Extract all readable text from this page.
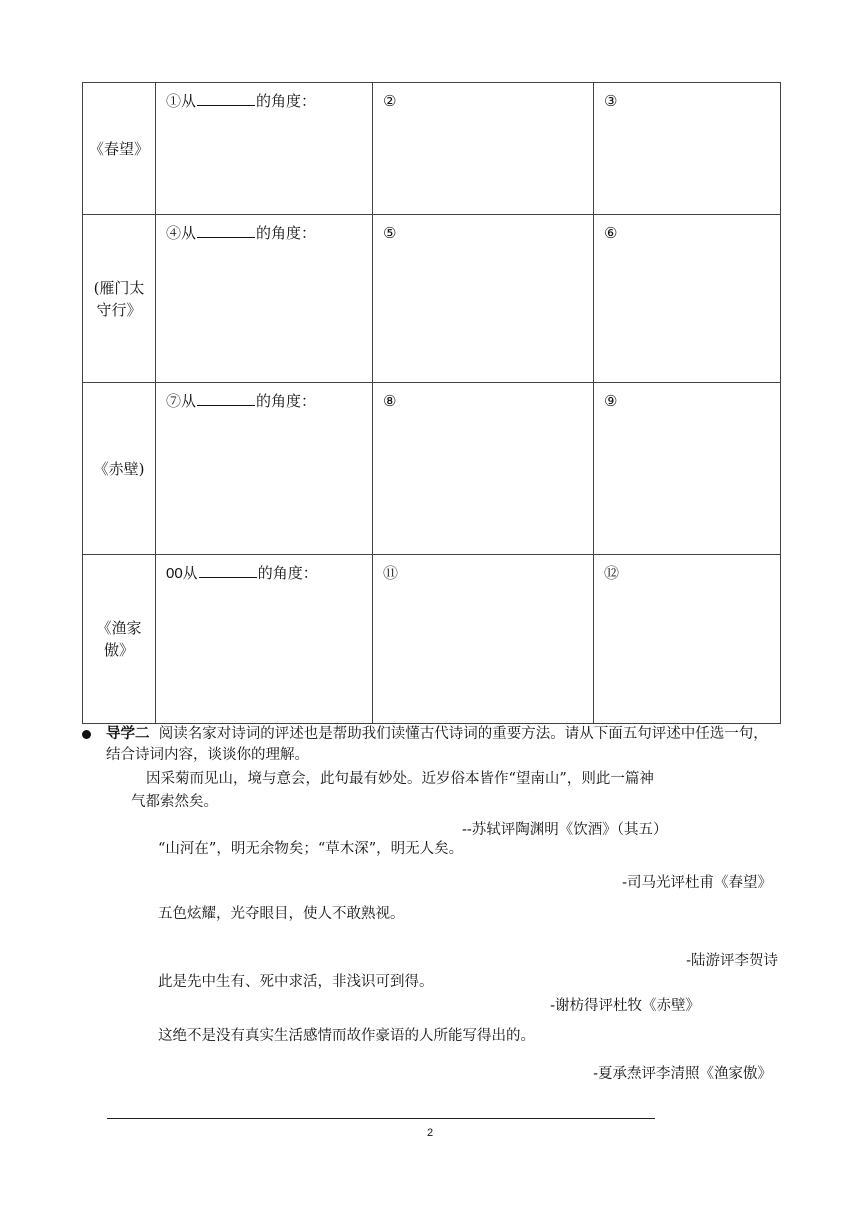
《春望》	①从 的角度：	②	③

(雁门太
守行》	④从 的角度：	⑤	⑥

《赤壁)	⑦从 的角度：	⑧	⑨

《渔家
傲》	00从 的角度：	⑪	⑫
导学二 阅读名家对诗词的评述也是帮助我们读懂古代诗词的重要方法。请从下面五句评述中任选一句，结合诗词内容，谈谈你的理解。
因采菊而见山，境与意会，此句最有妙处。近岁俗本皆作“望南山”，则此一篇神
气都索然矣。
--苏轼评陶渊明《饮酒》（其五）
“山河在”，明无余物矣；“草木深”，明无人矣。
-司马光评杜甫《春望》
五色炫耀，光夺眼目，使人不敢熟视。
-陆游评李贺诗
此是先中生有、死中求活，非浅识可到得。
-谢枋得评杜牧《赤壁》
这绝不是没有真实生活感情而故作豪语的人所能写得出的。
-夏承焘评李清照《渔家傲》
2
